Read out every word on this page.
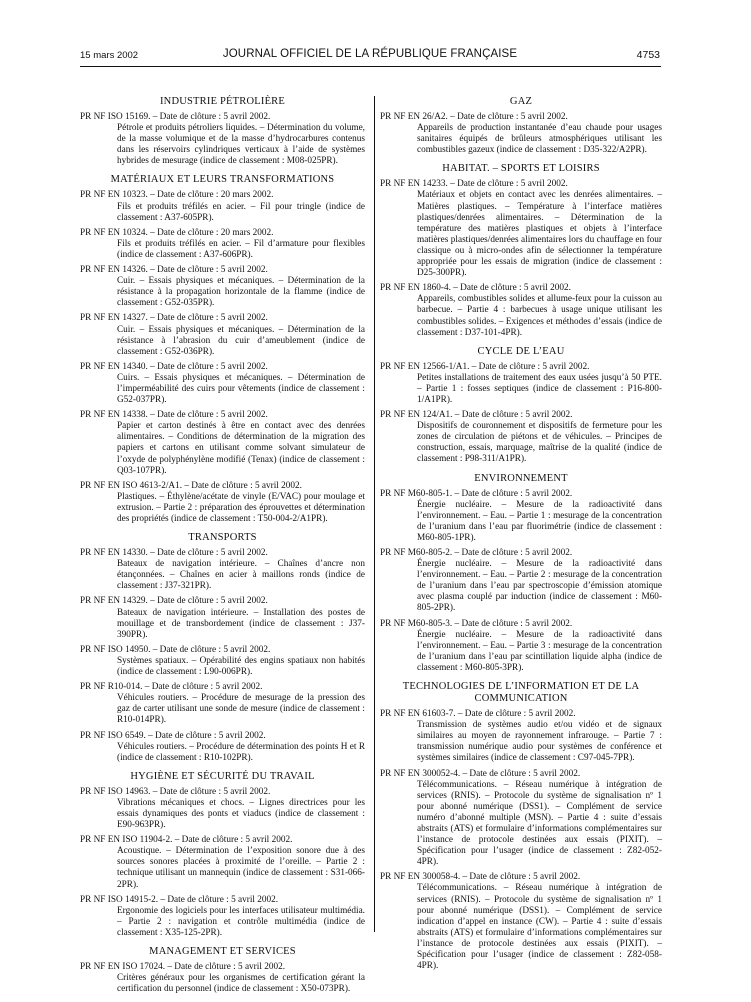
15 mars 2002	JOURNAL OFFICIEL DE LA RÉPUBLIQUE FRANÇAISE	4753
INDUSTRIE PÉTROLIÈRE
PR NF ISO 15169. – Date de clôture : 5 avril 2002.
Pétrole et produits pétroliers liquides. – Détermination du volume, de la masse volumique et de la masse d’hydrocarbures contenus dans les réservoirs cylindriques verticaux à l’aide de systèmes hybrides de mesurage (indice de classement : M08-025PR).
MATÉRIAUX ET LEURS TRANSFORMATIONS
PR NF EN 10323. – Date de clôture : 20 mars 2002.
Fils et produits tréfilés en acier. – Fil pour tringle (indice de classement : A37-605PR).
PR NF EN 10324. – Date de clôture : 20 mars 2002.
Fils et produits tréfilés en acier. – Fil d’armature pour flexibles (indice de classement : A37-606PR).
PR NF EN 14326. – Date de clôture : 5 avril 2002.
Cuir. – Essais physiques et mécaniques. – Détermination de la résistance à la propagation horizontale de la flamme (indice de classement : G52-035PR).
PR NF EN 14327. – Date de clôture : 5 avril 2002.
Cuir. – Essais physiques et mécaniques. – Détermination de la résistance à l’abrasion du cuir d’ameublement (indice de classement : G52-036PR).
PR NF EN 14340. – Date de clôture : 5 avril 2002.
Cuirs. – Essais physiques et mécaniques. – Détermination de l’imperméabilité des cuirs pour vêtements (indice de classement : G52-037PR).
PR NF EN 14338. – Date de clôture : 5 avril 2002.
Papier et carton destinés à être en contact avec des denrées alimentaires. – Conditions de détermination de la migration des papiers et cartons en utilisant comme solvant simulateur de l’oxyde de polyphénylène modifié (Tenax) (indice de classement : Q03-107PR).
PR NF EN ISO 4613-2/A1. – Date de clôture : 5 avril 2002.
Plastiques. – Éthylène/acétate de vinyle (E/VAC) pour moulage et extrusion. – Partie 2 : préparation des éprouvettes et détermination des propriétés (indice de classement : T50-004-2/A1PR).
TRANSPORTS
PR NF EN 14330. – Date de clôture : 5 avril 2002.
Bateaux de navigation intérieure. – Chaînes d’ancre non étançonnées. – Chaînes en acier à maillons ronds (indice de classement : J37-321PR).
PR NF EN 14329. – Date de clôture : 5 avril 2002.
Bateaux de navigation intérieure. – Installation des postes de mouillage et de transbordement (indice de classement : J37-390PR).
PR NF ISO 14950. – Date de clôture : 5 avril 2002.
Systèmes spatiaux. – Opérabilité des engins spatiaux non habités (indice de classement : L90-006PR).
PR NF R10-014. – Date de clôture : 5 avril 2002.
Véhicules routiers. – Procédure de mesurage de la pression des gaz de carter utilisant une sonde de mesure (indice de classement : R10-014PR).
PR NF ISO 6549. – Date de clôture : 5 avril 2002.
Véhicules routiers. – Procédure de détermination des points H et R (indice de classement : R10-102PR).
HYGIÈNE ET SÉCURITÉ DU TRAVAIL
PR NF ISO 14963. – Date de clôture : 5 avril 2002.
Vibrations mécaniques et chocs. – Lignes directrices pour les essais dynamiques des ponts et viaducs (indice de classement : E90-963PR).
PR NF EN ISO 11904-2. – Date de clôture : 5 avril 2002.
Acoustique. – Détermination de l’exposition sonore due à des sources sonores placées à proximité de l’oreille. – Partie 2 : technique utilisant un mannequin (indice de classement : S31-066-2PR).
PR NF ISO 14915-2. – Date de clôture : 5 avril 2002.
Ergonomie des logiciels pour les interfaces utilisateur multimédia. – Partie 2 : navigation et contrôle multimédia (indice de classement : X35-125-2PR).
MANAGEMENT ET SERVICES
PR NF EN ISO 17024. – Date de clôture : 5 avril 2002.
Critères généraux pour les organismes de certification gérant la certification du personnel (indice de classement : X50-073PR).
GAZ
PR NF EN 26/A2. – Date de clôture : 5 avril 2002.
Appareils de production instantanée d’eau chaude pour usages sanitaires équipés de brûleurs atmosphériques utilisant les combustibles gazeux (indice de classement : D35-322/A2PR).
HABITAT. – SPORTS ET LOISIRS
PR NF EN 14233. – Date de clôture : 5 avril 2002.
Matériaux et objets en contact avec les denrées alimentaires. – Matières plastiques. – Température à l’interface matières plastiques/denrées alimentaires. – Détermination de la température des matières plastiques et objets à l’interface matières plastiques/denrées alimentaires lors du chauffage en four classique ou à micro-ondes afin de sélectionner la température appropriée pour les essais de migration (indice de classement : D25-300PR).
PR NF EN 1860-4. – Date de clôture : 5 avril 2002.
Appareils, combustibles solides et allume-feux pour la cuisson au barbecue. – Partie 4 : barbecues à usage unique utilisant les combustibles solides. – Exigences et méthodes d’essais (indice de classement : D37-101-4PR).
CYCLE DE L’EAU
PR NF EN 12566-1/A1. – Date de clôture : 5 avril 2002.
Petites installations de traitement des eaux usées jusqu’à 50 PTE. – Partie 1 : fosses septiques (indice de classement : P16-800-1/A1PR).
PR NF EN 124/A1. – Date de clôture : 5 avril 2002.
Dispositifs de couronnement et dispositifs de fermeture pour les zones de circulation de piétons et de véhicules. – Principes de construction, essais, marquage, maîtrise de la qualité (indice de classement : P98-311/A1PR).
ENVIRONNEMENT
PR NF M60-805-1. – Date de clôture : 5 avril 2002.
Énergie nucléaire. – Mesure de la radioactivité dans l’environnement. – Eau. – Partie 1 : mesurage de la concentration de l’uranium dans l’eau par fluorimétrie (indice de classement : M60-805-1PR).
PR NF M60-805-2. – Date de clôture : 5 avril 2002.
Énergie nucléaire. – Mesure de la radioactivité dans l’environnement. – Eau. – Partie 2 : mesurage de la concentration de l’uranium dans l’eau par spectroscopie d’émission atomique avec plasma couplé par induction (indice de classement : M60-805-2PR).
PR NF M60-805-3. – Date de clôture : 5 avril 2002.
Énergie nucléaire. – Mesure de la radioactivité dans l’environnement. – Eau. – Partie 3 : mesurage de la concentration de l’uranium dans l’eau par scintillation liquide alpha (indice de classement : M60-805-3PR).
TECHNOLOGIES DE L’INFORMATION ET DE LA COMMUNICATION
PR NF EN 61603-7. – Date de clôture : 5 avril 2002.
Transmission de systèmes audio et/ou vidéo et de signaux similaires au moyen de rayonnement infrarouge. – Partie 7 : transmission numérique audio pour systèmes de conférence et systèmes similaires (indice de classement : C97-045-7PR).
PR NF EN 300052-4. – Date de clôture : 5 avril 2002.
Télécommunications. – Réseau numérique à intégration de services (RNIS). – Protocole du système de signalisation nº 1 pour abonné numérique (DSS1). – Complément de service numéro d’abonné multiple (MSN). – Partie 4 : suite d’essais abstraits (ATS) et formulaire d’informations complémentaires sur l’instance de protocole destinées aux essais (PIXIT). – Spécification pour l’usager (indice de classement : Z82-052-4PR).
PR NF EN 300058-4. – Date de clôture : 5 avril 2002.
Télécommunications. – Réseau numérique à intégration de services (RNIS). – Protocole du système de signalisation nº 1 pour abonné numérique (DSS1). – Complément de service indication d’appel en instance (CW). – Partie 4 : suite d’essais abstraits (ATS) et formulaire d’informations complémentaires sur l’instance de protocole destinées aux essais (PIXIT). – Spécification pour l’usager (indice de classement : Z82-058-4PR).
